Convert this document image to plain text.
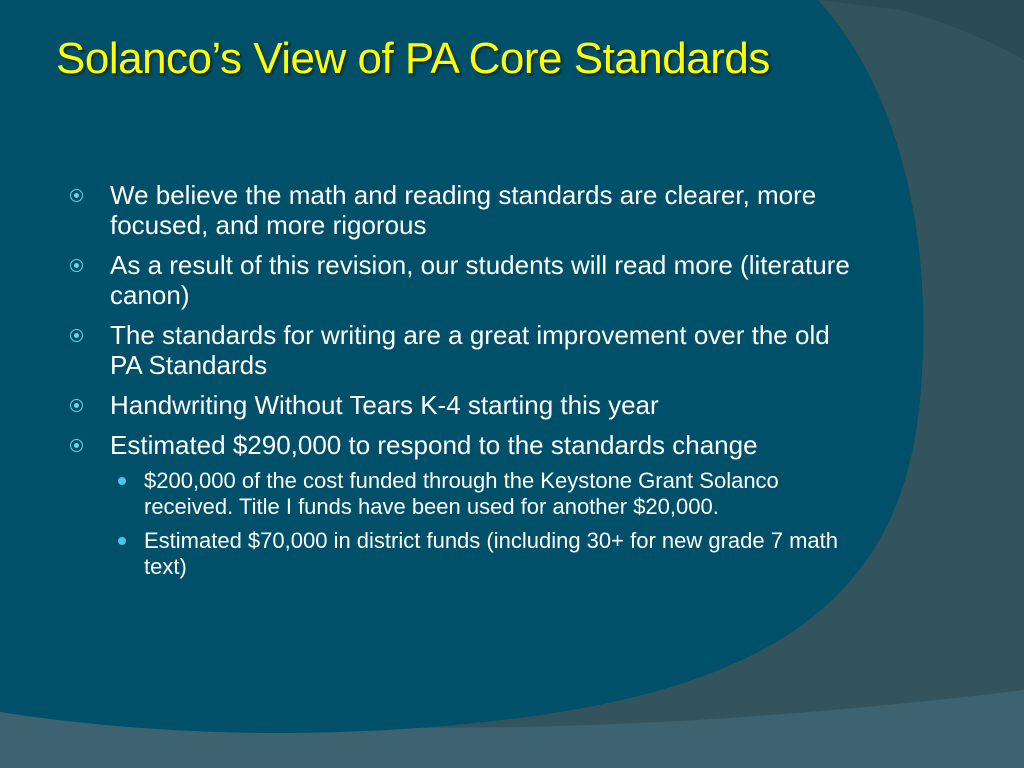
Solanco’s View of PA Core Standards
We believe the math and reading standards are clearer, more focused, and more rigorous
As a result of this revision, our students will read more (literature canon)
The standards for writing are a great improvement over the old PA Standards
Handwriting Without Tears K-4 starting this year
Estimated $290,000 to respond to the standards change
$200,000 of the cost funded through the Keystone Grant Solanco received. Title I funds have been used for another $20,000.
Estimated $70,000 in district funds (including 30+ for new grade 7 math text)
